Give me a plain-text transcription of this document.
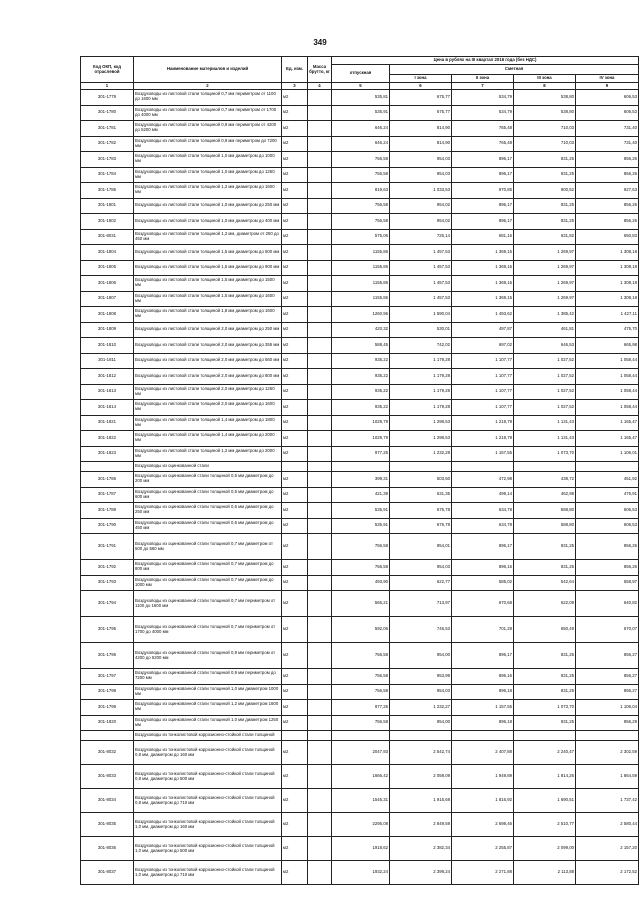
349
Код ОКП, код отраслевой	Наименование материалов и изделий	Ед. изм.	Масса брутто, кг	Цена в рублях на III квартал 2016 года (без НДС)				
				отпускная	Сметная			
					I зона	II зона	III зона	IV зона
1	2	3	4	5	6	7	8	9
301-1779	Воздуховоды из листовой стали толщиной 0,7 мм периметром от 1100 до 1600 мм	м2		535,81	675,77	534,79	538,80	606,53
301-1780	Воздуховоды из листовой стали толщиной 0,7 мм периметром от 1700 до 4000 мм	м2		535,91	675,77	534,79	538,80	606,53
301-1781	Воздуховоды из листовой стали толщиной 0,9 мм периметром от 4200 до 5200 мм	м2		646,24	814,90	765,48	710,03	731,40
301-1782	Воздуховоды из листовой стали толщиной 0,9 мм периметром до 7200 мм	м2		646,24	814,90	765,48	710,03	731,40
301-1783	Воздуховоды из листовой стали толщиной 1,0 мм диаметром до 1000 мм	м2		756,58	954,03	896,17	831,25	856,26
301-1784	Воздуховоды из листовой стали толщиной 1,0 мм диаметром до 1250 мм	м2		756,58	954,03	896,17	831,25	856,26
301-1785	Воздуховоды из листовой стали толщиной 1,2 мм диаметром до 1600 мм	м2		819,63	1 033,53	970,85	900,52	927,63
301-1801	Воздуховоды из листовой стали толщиной 1,0 мм диаметром до 250 мм	м2		756,58	954,02	896,17	831,25	856,26
301-1802	Воздуховоды из листовой стали толщиной 1,0 мм диаметром до 400 мм	м2		756,58	954,02	896,17	831,25	856,26
301-8031	Воздуховоды из листовой стали толщиной 1,2 мм, диаметром от 250 до 450 мм	м2		575,06	725,14	681,16	631,82	650,83
301-1804	Воздуховоды из листовой стали толщиной 1,5 мм диаметром до 500 мм	м2		1155,86	1 457,53	1 369,15	1 269,97	1 308,18
301-1805	Воздуховоды из листовой стали толщиной 1,5 мм диаметром до 900 мм	м2		1155,86	1 457,53	1 369,15	1 269,97	1 308,18
301-1806	Воздуховоды из листовой стали толщиной 1,5 мм диаметром до 1500 мм	м2		1155,86	1 457,53	1 369,15	1 269,97	1 308,18
301-1807	Воздуховоды из листовой стали толщиной 1,5 мм диаметром до 1600 мм	м2		1155,86	1 457,53	1 369,15	1 269,97	1 308,18
301-1808	Воздуховоды из листовой стали толщиной 1,8 мм диаметром до 1600 мм	м2		1260,96	1 590,04	1 493,62	1 385,42	1 427,11
301-1809	Воздуховоды из листовой стали толщиной 2,0 мм диаметром до 250 мм	м2		420,32	530,01	497,87	461,81	475,70
301-1810	Воздуховоды из листовой стали толщиной 2,0 мм диаметром до 355 мм	м2		588,45	742,02	697,02	646,53	665,98
301-1811	Воздуховоды из листовой стали толщиной 2,0 мм диаметром до 560 мм	м2		935,22	1 179,28	1 107,77	1 027,52	1 058,44
301-1812	Воздуховоды из листовой стали толщиной 2,0 мм диаметром до 800 мм	м2		935,22	1 179,28	1 107,77	1 027,52	1 058,44
301-1813	Воздуховоды из листовой стали толщиной 2,0 мм диаметром до 1250 мм	м2		935,22	1 179,28	1 107,77	1 027,52	1 058,44
301-1814	Воздуховоды из листовой стали толщиной 2,0 мм диаметром до 1600 мм	м2		935,22	1 179,28	1 107,77	1 027,52	1 058,44
301-1821	Воздуховоды из листовой стали толщиной 1,4 мм диаметром до 1800 мм	м2		1029,79	1 298,53	1 219,79	1 131,43	1 165,47
301-1822	Воздуховоды из листовой стали толщиной 1,4 мм диаметром до 2000 мм	м2		1029,79	1 298,53	1 219,79	1 131,43	1 165,47
301-1823	Воздуховоды из листовой стали толщиной 1,2 мм диаметром до 2000 мм	м2		977,25	1 232,28	1 157,55	1 073,70	1 106,01
	Воздуховоды из оцинкованной стали							
301-1786	Воздуховоды из оцинкованной стали толщиной 0,5 мм диаметром до 200 мм	м2		399,31	503,50	472,98	438,72	451,92
301-1787	Воздуховоды из оцинкованной стали толщиной 0,5 мм диаметром до 600 мм	м2		421,39	531,35	499,14	462,98	476,91
301-1789	Воздуховоды из оцинкованной стали толщиной 0,6 мм диаметром до 250 мм	м2		535,91	675,78	634,78	588,80	606,53
301-1790	Воздуховоды из оцинкованной стали толщиной 0,6 мм диаметром до 450 мм	м2		535,91	675,78	634,78	588,80	606,53
301-1791	Воздуховоды из оцинкованной стали толщиной 0,7 мм диаметром от 500 до 560 мм	м2		756,58	954,01	896,17	831,25	856,26
301-1792	Воздуховоды из оцинкованной стали толщиной 0,7 мм диаметром до 800 мм	м2		756,58	954,03	896,16	831,25	856,26
301-1793	Воздуховоды из оцинкованной стали толщиной 0,7 мм диаметром до 1000 мм	м2		493,90	622,77	585,02	542,64	558,97
301-1794	Воздуховоды из оцинкованной стали толщиной 0,7 мм периметром от 1100 до 1600 мм	м2		566,21	713,97	670,68	622,09	640,82
301-1795	Воздуховоды из оцинкованной стали толщиной 0,7 мм периметром от 1700 до 4000 мм	м2		592,06	746,53	701,28	650,49	670,07
301-1796	Воздуховоды из оцинкованной стали толщиной 0,9 мм периметром от 4200 до 5200 мм	м2		756,58	954,00	896,17	831,25	856,27
301-1797	Воздуховоды из оцинкованной стали толщиной 0,9 мм периметром до 7200 мм	м2		756,58	953,99	896,16	831,25	856,27
301-1798	Воздуховоды из оцинкованной стали толщиной 1,0 мм диаметром 1000 мм	м2		756,58	954,03	896,18	831,25	856,27
301-1799	Воздуховоды из оцинкованной стали толщиной 1,2 мм диаметром 1600 мм	м2		977,25	1 232,27	1 157,55	1 073,70	1 106,04
301-1820	Воздуховоды из оцинкованной стали толщиной 1,0 мм диаметром 1250 мм	м2		756,58	954,00	896,18	831,25	856,29
	Воздуховоды из тонколистовой коррозионно-стойкой стали толщиной							
301-8032	Воздуховоды из тонколистовой коррозионно-стойкой стали толщиной 0,8 мм, диаметром до 160 мм	м2		2047,93	2 542,74	2 407,88	2 240,47	2 302,59
301-8033	Воздуховоды из тонколистовой коррозионно-стойкой стали толщиной 0,8 мм, диаметром до 500 мм	м2		1666,42	2 059,09	1 949,89	1 814,26	1 864,59
301-8034	Воздуховоды из тонколистовой коррозионно-стойкой стали толщиной 0,8 мм, диаметром до 710 мм	м2		1545,31	1 915,68	1 816,92	1 690,51	1 737,42
301-8035	Воздуховоды из тонколистовой коррозионно-стойкой стали толщиной 1,0 мм, диаметром до 160 мм	м2		2295,08	2 849,59	2 698,46	2 510,77	2 580,44
301-8036	Воздуховоды из тонколистовой коррозионно-стойкой стали толщиной 1,0 мм, диаметром до 500 мм	м2		1918,62	2 382,34	2 255,87	2 099,00	2 157,20
301-8037	Воздуховоды из тонколистовой коррозионно-стойкой стали толщиной 1,0 мм, диаметром до 710 мм	м2		1932,24	2 399,24	2 271,88	2 113,88	2 172,52
